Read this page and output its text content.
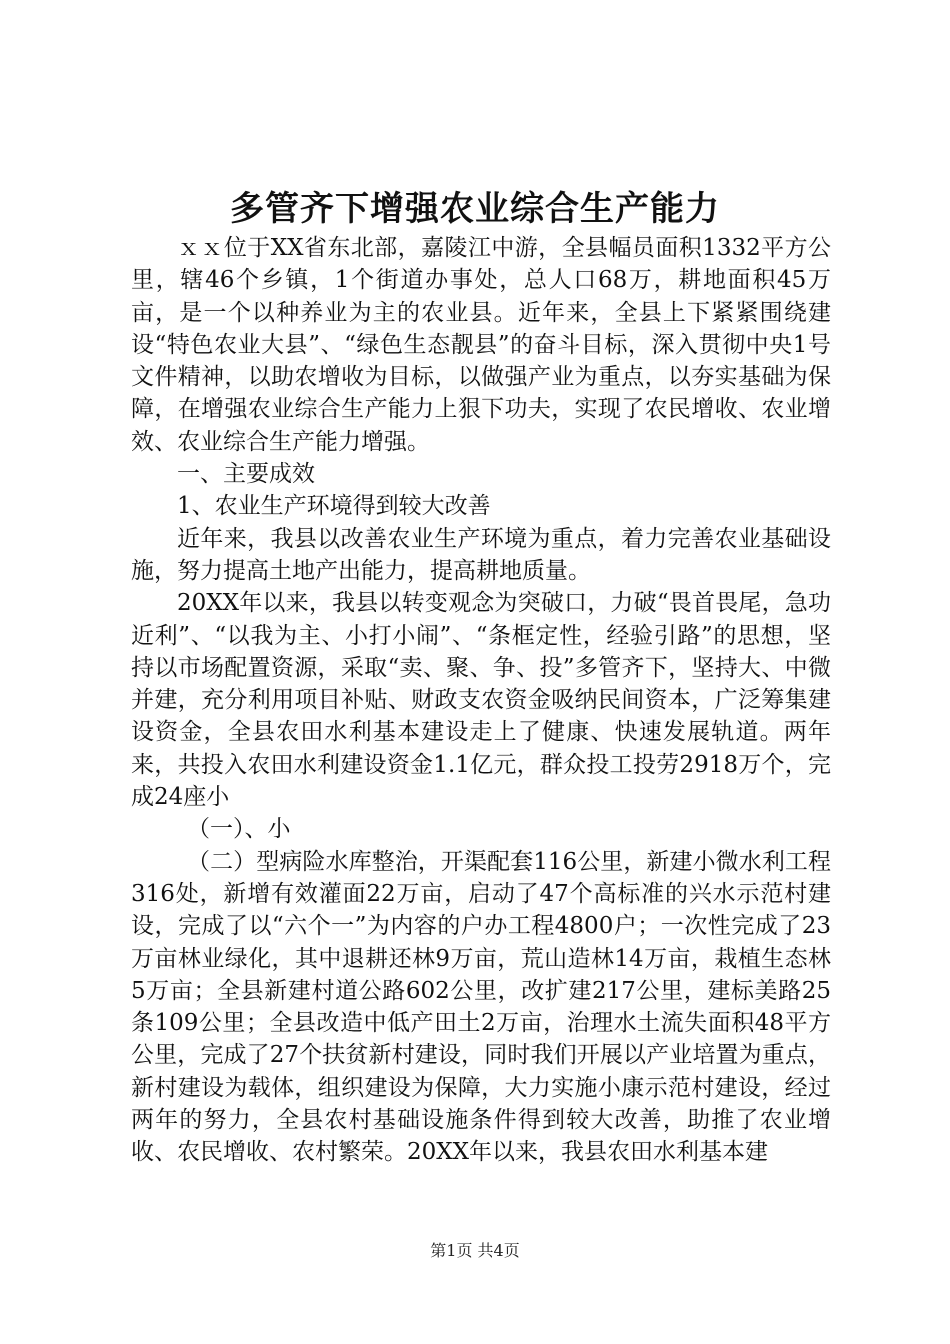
多管齐下增强农业综合生产能力

ｘｘ位于XX省东北部，嘉陵江中游，全县幅员面积1332平方公里，辖46个乡镇，1个街道办事处，总人口68万，耕地面积45万亩，是一个以种养业为主的农业县。近年来，全县上下紧紧围绕建设“特色农业大县”、“绿色生态靓县”的奋斗目标，深入贯彻中央1号文件精神，以助农增收为目标，以做强产业为重点，以夯实基础为保障，在增强农业综合生产能力上狠下功夫，实现了农民增收、农业增效、农业综合生产能力增强。

一、主要成效

1、农业生产环境得到较大改善

近年来，我县以改善农业生产环境为重点，着力完善农业基础设施，努力提高土地产出能力，提高耕地质量。

20XX年以来，我县以转变观念为突破口，力破“畏首畏尾，急功近利”、“以我为主、小打小闹”、“条框定性，经验引路”的思想，坚持以市场配置资源，采取“卖、聚、争、投”多管齐下，坚持大、中微并建，充分利用项目补贴、财政支农资金吸纳民间资本，广泛筹集建设资金，全县农田水利基本建设走上了健康、快速发展轨道。两年来，共投入农田水利建设资金1.1亿元，群众投工投劳2918万个，完成24座小

（一）、小

（二）型病险水库整治，开渠配套116公里，新建小微水利工程316处，新增有效灌面22万亩，启动了47个高标准的兴水示范村建设，完成了以“六个一”为内容的户办工程4800户；一次性完成了23万亩林业绿化，其中退耕还林9万亩，荒山造林14万亩，栽植生态林5万亩；全县新建村道公路602公里，改扩建217公里，建标美路25条109公里；全县改造中低产田土2万亩，治理水土流失面积48平方公里，完成了27个扶贫新村建设，同时我们开展以产业培置为重点，新村建设为载体，组织建设为保障，大力实施小康示范村建设，经过两年的努力，全县农村基础设施条件得到较大改善，助推了农业增收、农民增收、农村繁荣。20XX年以来，我县农田水利基本建

第1页 共4页
